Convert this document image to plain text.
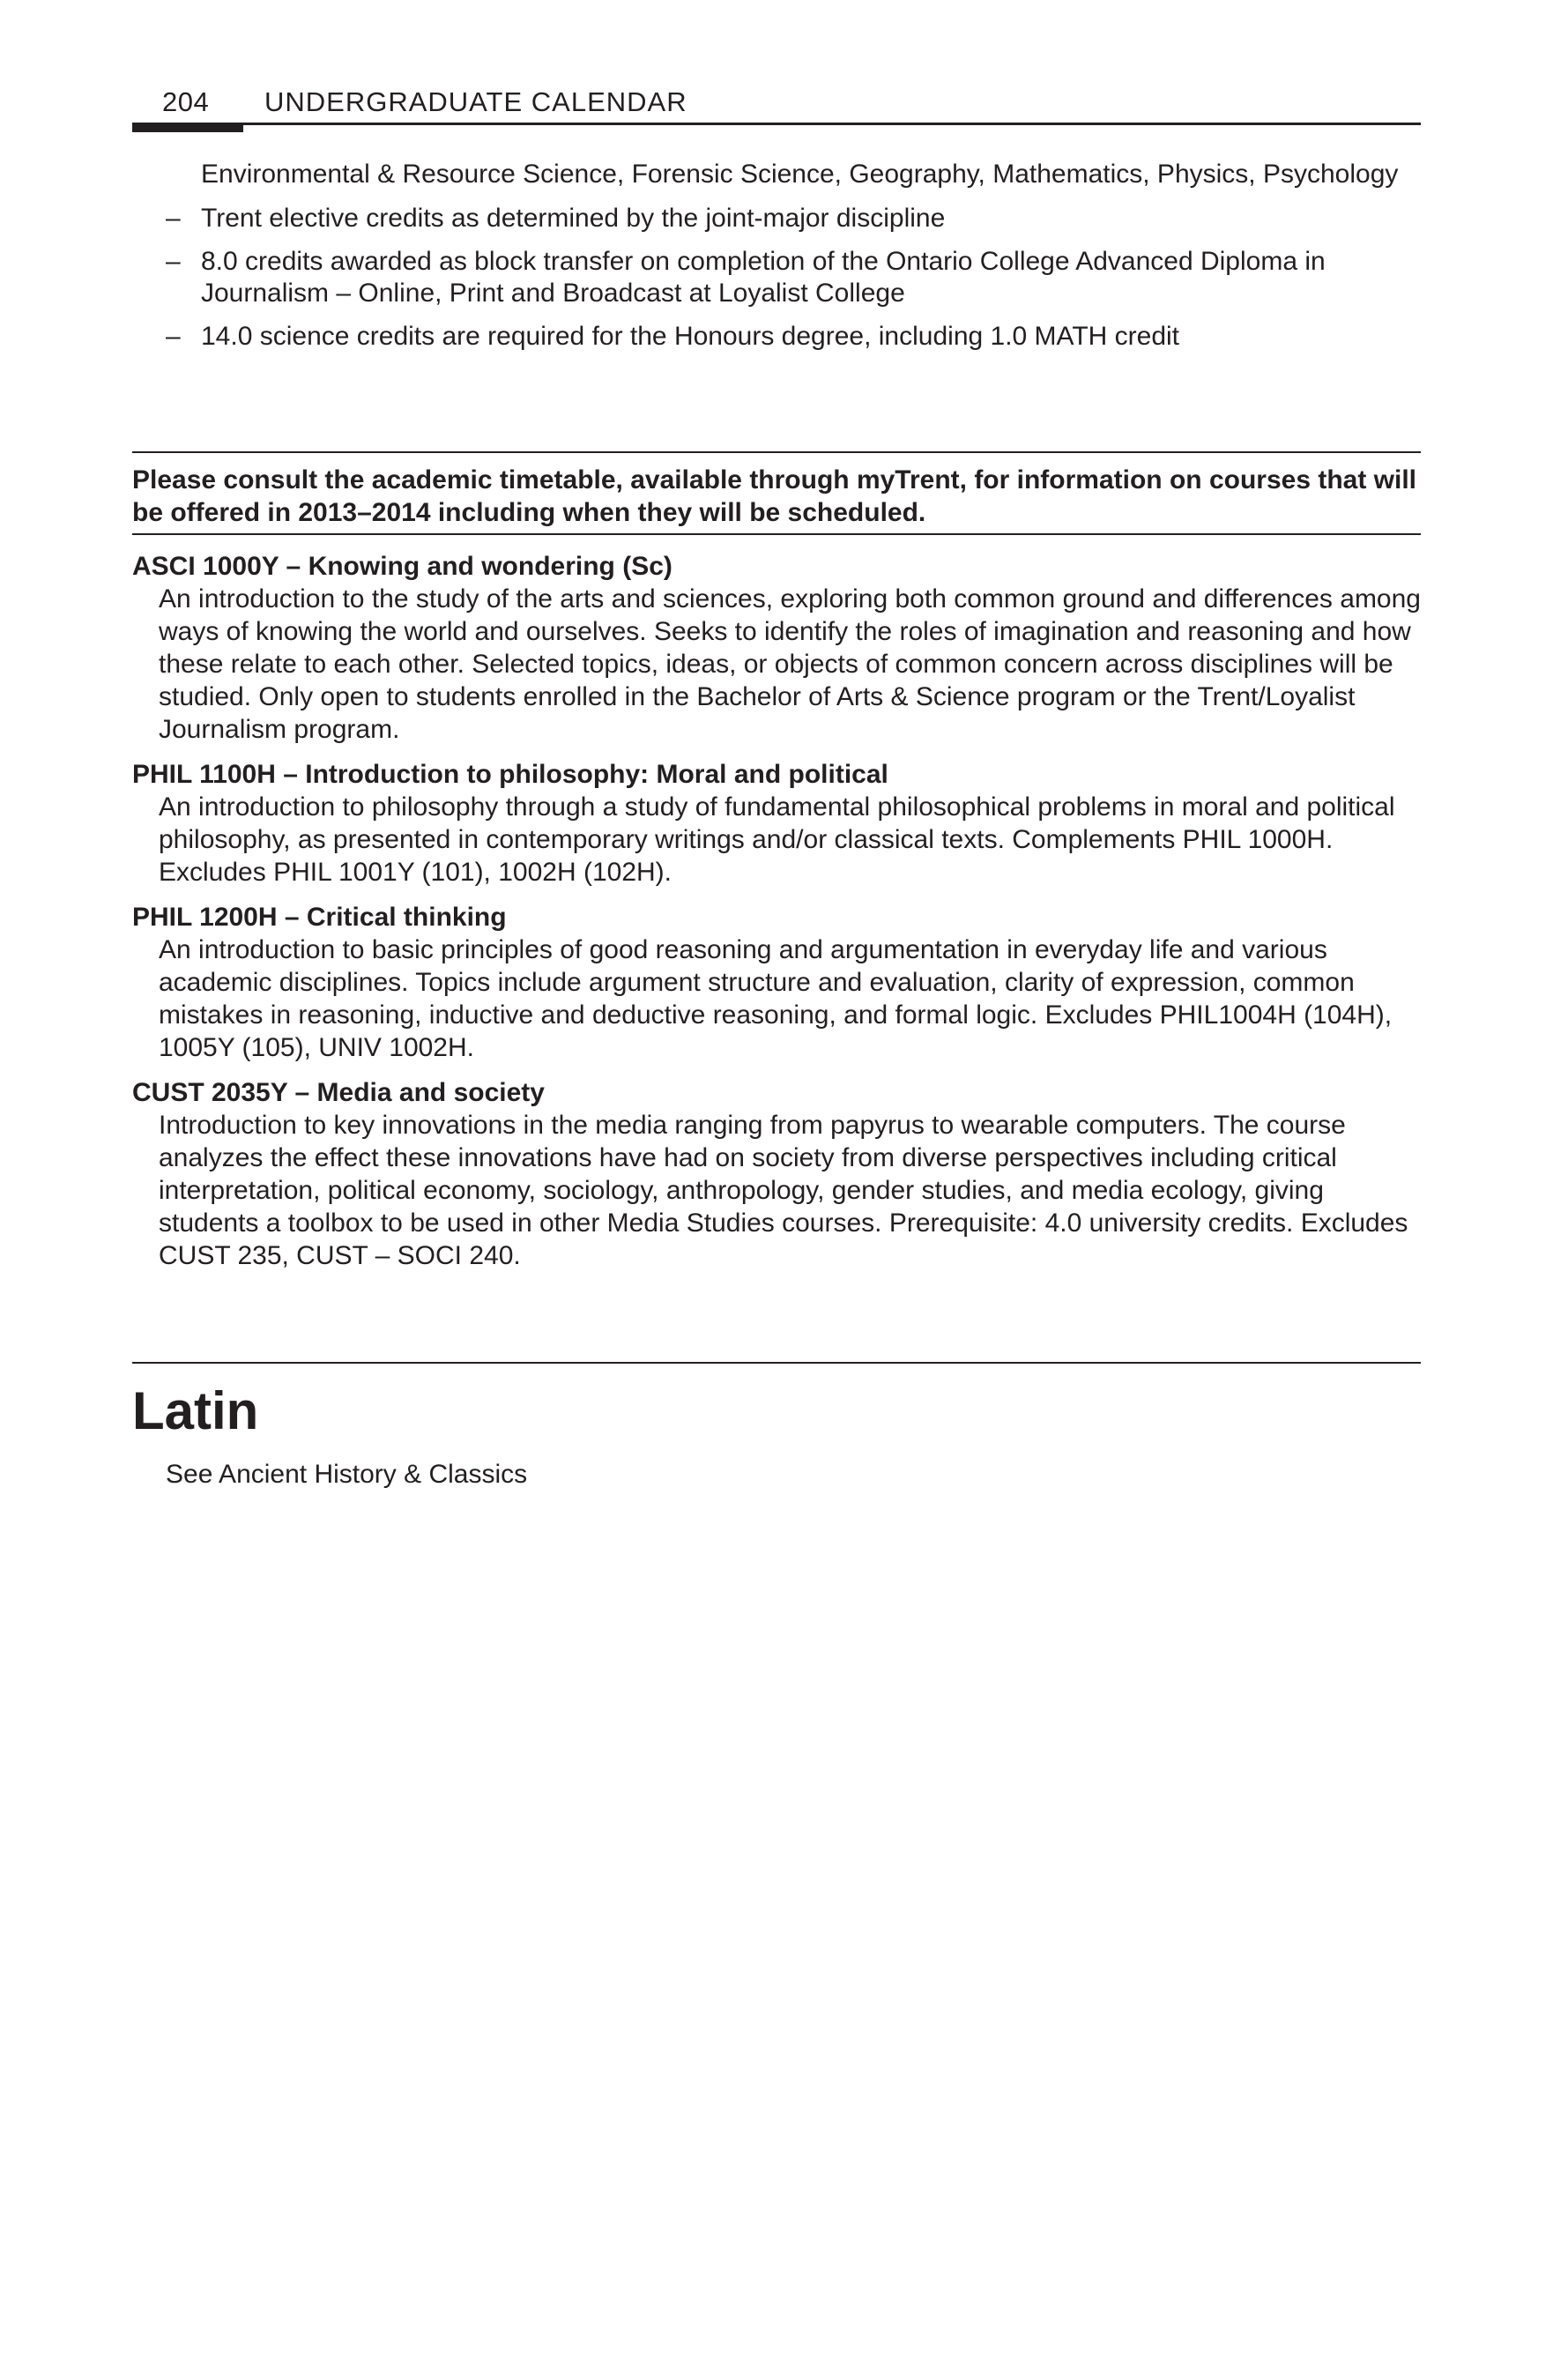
204 UNDERGRADUATE CALENDAR
Environmental & Resource Science, Forensic Science, Geography, Mathematics, Physics, Psychology
– Trent elective credits as determined by the joint-major discipline
– 8.0 credits awarded as block transfer on completion of the Ontario College Advanced Diploma in Journalism – Online, Print and Broadcast at Loyalist College
– 14.0 science credits are required for the Honours degree, including 1.0 MATH credit
Please consult the academic timetable, available through myTrent, for information on courses that will be offered in 2013–2014 including when they will be scheduled.
ASCI 1000Y – Knowing and wondering (Sc)
An introduction to the study of the arts and sciences, exploring both common ground and differences among ways of knowing the world and ourselves. Seeks to identify the roles of imagination and reasoning and how these relate to each other. Selected topics, ideas, or objects of common concern across disciplines will be studied. Only open to students enrolled in the Bachelor of Arts & Science program or the Trent/Loyalist Journalism program.
PHIL 1100H – Introduction to philosophy: Moral and political
An introduction to philosophy through a study of fundamental philosophical problems in moral and political philosophy, as presented in contemporary writings and/or classical texts. Complements PHIL 1000H. Excludes PHIL 1001Y (101), 1002H (102H).
PHIL 1200H – Critical thinking
An introduction to basic principles of good reasoning and argumentation in everyday life and various academic disciplines. Topics include argument structure and evaluation, clarity of expression, common mistakes in reasoning, inductive and deductive reasoning, and formal logic. Excludes PHIL1004H (104H), 1005Y (105), UNIV 1002H.
CUST 2035Y – Media and society
Introduction to key innovations in the media ranging from papyrus to wearable computers. The course analyzes the effect these innovations have had on society from diverse perspectives including critical interpretation, political economy, sociology, anthropology, gender studies, and media ecology, giving students a toolbox to be used in other Media Studies courses. Prerequisite: 4.0 university credits. Excludes CUST 235, CUST – SOCI 240.
Latin
See Ancient History & Classics
